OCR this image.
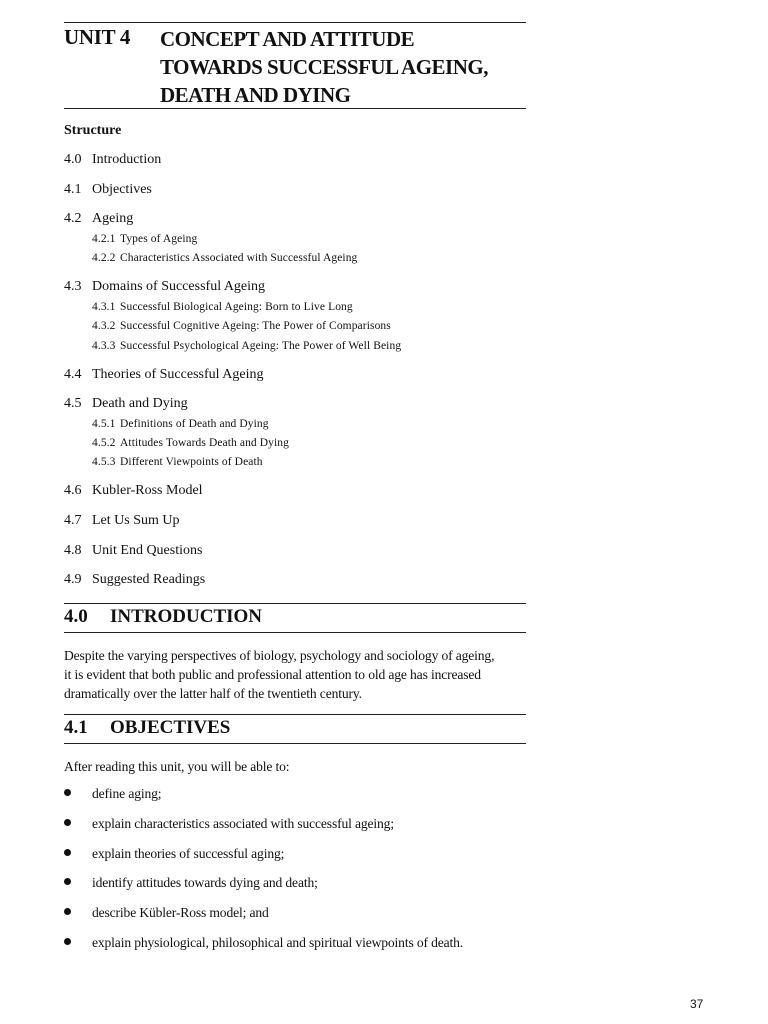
UNIT 4 CONCEPT AND ATTITUDE
TOWARDS SUCCESSFUL AGEING,
DEATH AND DYING
Structure
4.0 Introduction
4.1 Objectives
4.2 Ageing
4.2.1 Types of Ageing
4.2.2 Characteristics Associated with Successful Ageing
4.3 Domains of Successful Ageing
4.3.1 Successful Biological Ageing: Born to Live Long
4.3.2 Successful Cognitive Ageing: The Power of Comparisons
4.3.3 Successful Psychological Ageing: The Power of Well Being
4.4 Theories of Successful Ageing
4.5 Death and Dying
4.5.1 Definitions of Death and Dying
4.5.2 Attitudes Towards Death and Dying
4.5.3 Different Viewpoints of Death
4.6 Kubler-Ross Model
4.7 Let Us Sum Up
4.8 Unit End Questions
4.9 Suggested Readings
4.0 INTRODUCTION
Despite the varying perspectives of biology, psychology and sociology of ageing,
it is evident that both public and professional attention to old age has increased
dramatically over the latter half of the twentieth century.
4.1 OBJECTIVES
After reading this unit, you will be able to:
define aging;
explain characteristics associated with successful ageing;
explain theories of successful aging;
identify attitudes towards dying and death;
describe Kübler-Ross model; and
explain physiological, philosophical and spiritual viewpoints of death.
37
